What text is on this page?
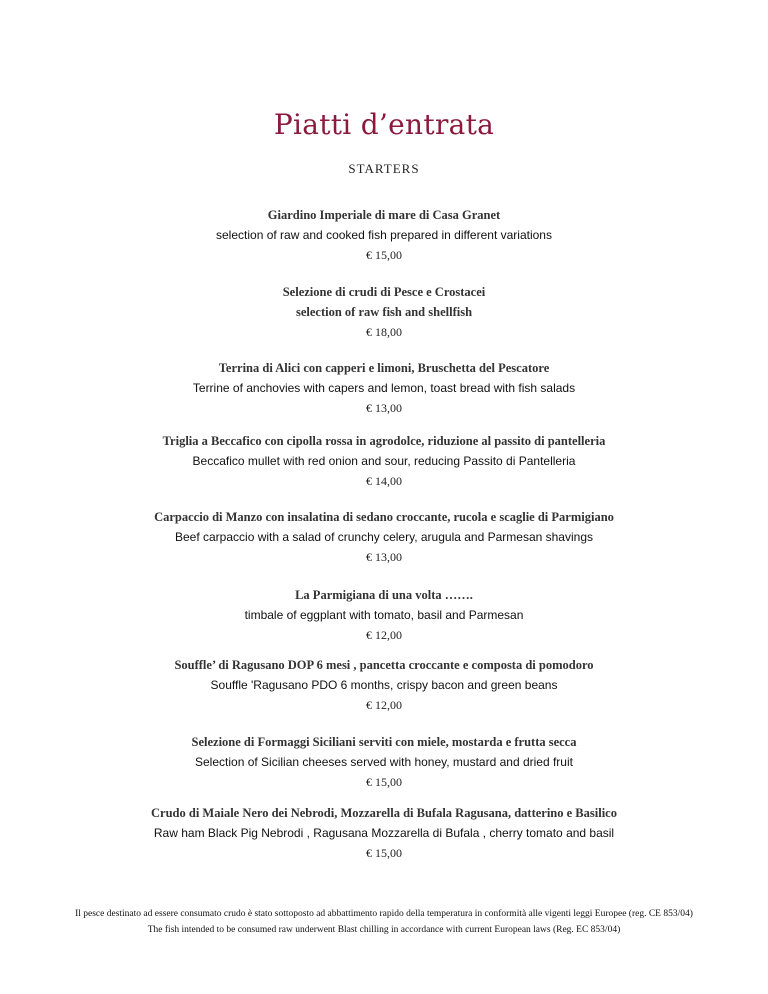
Piatti d’entrata
STARTERS
Giardino Imperiale di mare di Casa Granet
selection of raw and cooked fish prepared in different variations
€ 15,00
Selezione di crudi di Pesce e Crostacei
selection of raw fish and shellfish
€ 18,00
Terrina di Alici con capperi e limoni, Bruschetta del Pescatore
Terrine of anchovies with capers and lemon, toast bread with fish salads
€ 13,00
Triglia a Beccafico con cipolla rossa in agrodolce, riduzione al passito di pantelleria
Beccafico mullet with red onion and sour, reducing Passito di Pantelleria
€ 14,00
Carpaccio di Manzo con insalatina di sedano croccante, rucola e scaglie di Parmigiano
Beef carpaccio with a salad of crunchy celery, arugula and Parmesan shavings
€ 13,00
La Parmigiana di una volta …….
timbale of eggplant with tomato, basil and Parmesan
€ 12,00
Souffle’ di Ragusano DOP 6 mesi , pancetta croccante e composta di pomodoro
Souffle 'Ragusano PDO 6 months, crispy bacon and green beans
€ 12,00
Selezione di Formaggi Siciliani serviti con miele, mostarda e frutta secca
Selection of Sicilian cheeses served with honey, mustard and dried fruit
€ 15,00
Crudo di Maiale Nero dei Nebrodi, Mozzarella di Bufala Ragusana, datterino e Basilico
Raw ham Black Pig Nebrodi , Ragusana Mozzarella di Bufala , cherry tomato and basil
€ 15,00
Il pesce destinato ad essere consumato crudo è stato sottoposto ad abbattimento rapido della temperatura in conformità alle vigenti leggi Europee (reg. CE 853/04)
The fish intended to be consumed raw underwent Blast chilling in accordance with current European laws (Reg. EC 853/04)
